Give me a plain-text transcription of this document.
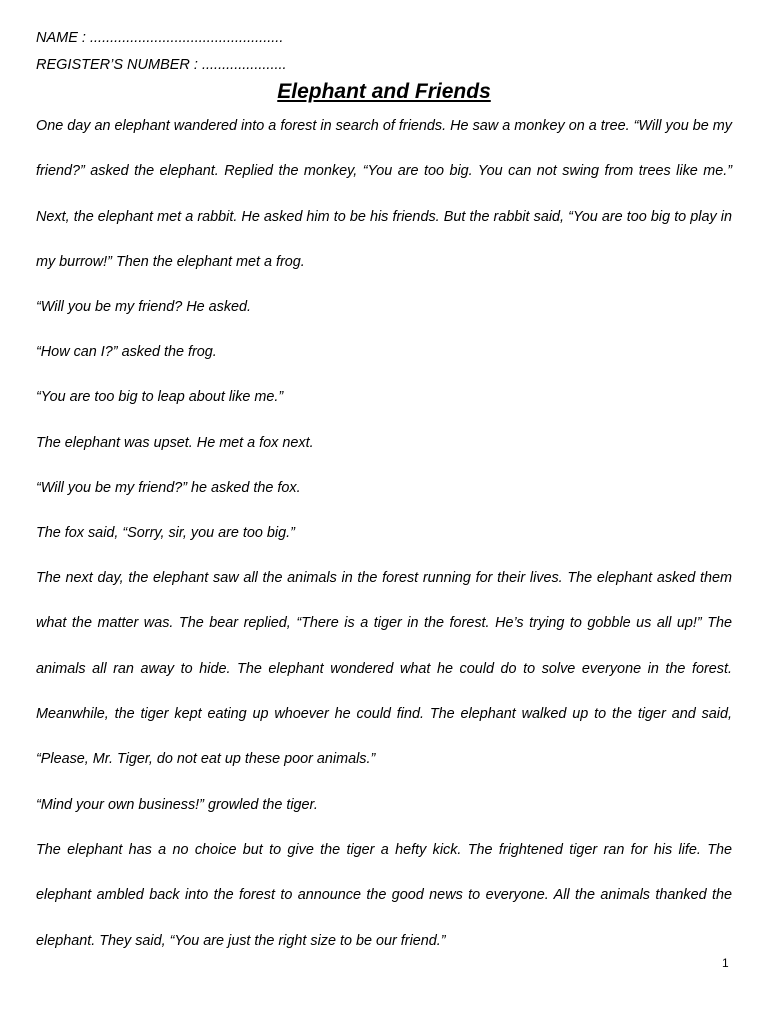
NAME : ................................................
REGISTER’S NUMBER : .....................
Elephant and Friends

One day an elephant wandered into a forest in search of friends. He saw a monkey on a tree. “Will you be my friend?” asked the elephant. Replied the monkey, “You are too big. You can not swing from trees like me.” Next, the elephant met a rabbit. He asked him to be his friends. But the rabbit said, “You are too big to play in my burrow!” Then the elephant met a frog.

“Will you be my friend? He asked.

“How can I?” asked the frog.

“You are too big to leap about like me.”

The elephant was upset. He met a fox next.

“Will you be my friend?” he asked the fox.

The fox said, “Sorry, sir, you are too big.”

The next day, the elephant saw all the animals in the forest running for their lives. The elephant asked them what the matter was. The bear replied, “There is a tiger in the forest. He’s trying to gobble us all up!” The animals all ran away to hide. The elephant wondered what he could do to solve everyone in the forest. Meanwhile, the tiger kept eating up whoever he could find. The elephant walked up to the tiger and said, “Please, Mr. Tiger, do not eat up these poor animals.”

“Mind your own business!” growled the tiger.

The elephant has a no choice but to give the tiger a hefty kick. The frightened tiger ran for his life. The elephant ambled back into the forest to announce the good news to everyone. All the animals thanked the elephant. They said, “You are just the right size to be our friend.”

1
